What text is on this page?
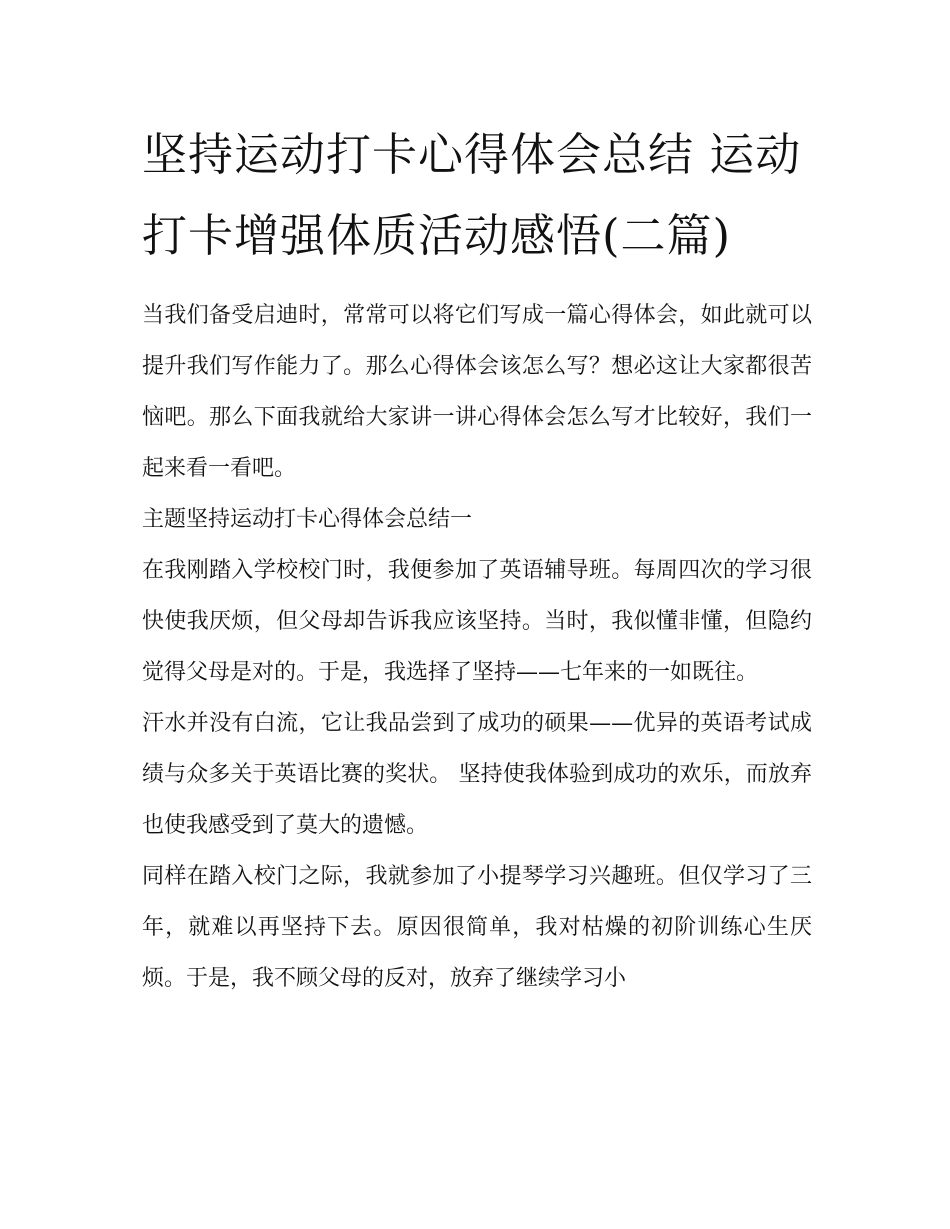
坚持运动打卡心得体会总结 运动打卡增强体质活动感悟(二篇)

当我们备受启迪时，常常可以将它们写成一篇心得体会，如此就可以提升我们写作能力了。那么心得体会该怎么写？想必这让大家都很苦恼吧。那么下面我就给大家讲一讲心得体会怎么写才比较好，我们一起来看一看吧。

主题坚持运动打卡心得体会总结一

在我刚踏入学校校门时，我便参加了英语辅导班。每周四次的学习很快使我厌烦，但父母却告诉我应该坚持。当时，我似懂非懂，但隐约觉得父母是对的。于是，我选择了坚持——七年来的一如既往。

汗水并没有白流，它让我品尝到了成功的硕果——优异的英语考试成绩与众多关于英语比赛的奖状。 坚持使我体验到成功的欢乐，而放弃也使我感受到了莫大的遗憾。

同样在踏入校门之际，我就参加了小提琴学习兴趣班。但仅学习了三年，就难以再坚持下去。原因很简单，我对枯燥的初阶训练心生厌烦。于是，我不顾父母的反对，放弃了继续学习小
